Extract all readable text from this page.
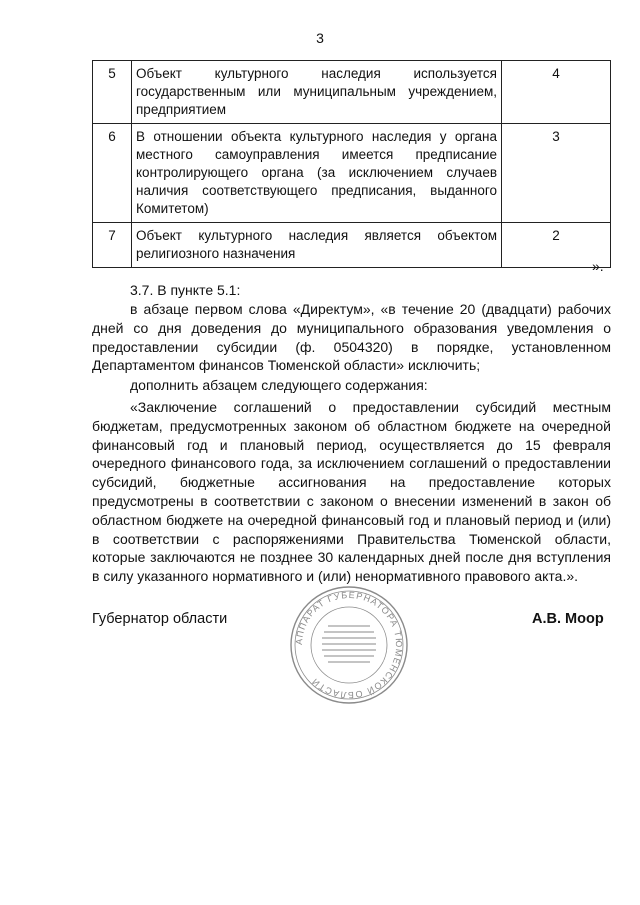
3
5	Объект культурного наследия используется государственным или муниципальным учреждением, предприятием	4
6	В отношении объекта культурного наследия у органа местного самоуправления имеется предписание контролирующего органа (за исключением случаев наличия соответствующего предписания, выданного Комитетом)	3
7	Объект культурного наследия является объектом религиозного назначения	2
».

3.7. В пункте 5.1:

в абзаце первом слова «Директум», «в течение 20 (двадцати) рабочих дней со дня доведения до муниципального образования уведомления о предоставлении субсидии (ф. 0504320) в порядке, установленном Департаментом финансов Тюменской области» исключить;

дополнить абзацем следующего содержания:

«Заключение соглашений о предоставлении субсидий местным бюджетам, предусмотренных законом об областном бюджете на очередной финансовый год и плановый период, осуществляется до 15 февраля очередного финансового года, за исключением соглашений о предоставлении субсидий, бюджетные ассигнования на предоставление которых предусмотрены в соответствии с законом о внесении изменений в закон об областном бюджете на очередной финансовый год и плановый период и (или) в соответствии с распоряжениями Правительства Тюменской области, которые заключаются не позднее 30 календарных дней после дня вступления в силу указанного нормативного и (или) ненормативного правового акта.».

Губернатор области	А.В. Моор
АППАРАТ ГУБЕРНАТОРА ТЮМЕНСКОЙ ОБЛАСТИ
